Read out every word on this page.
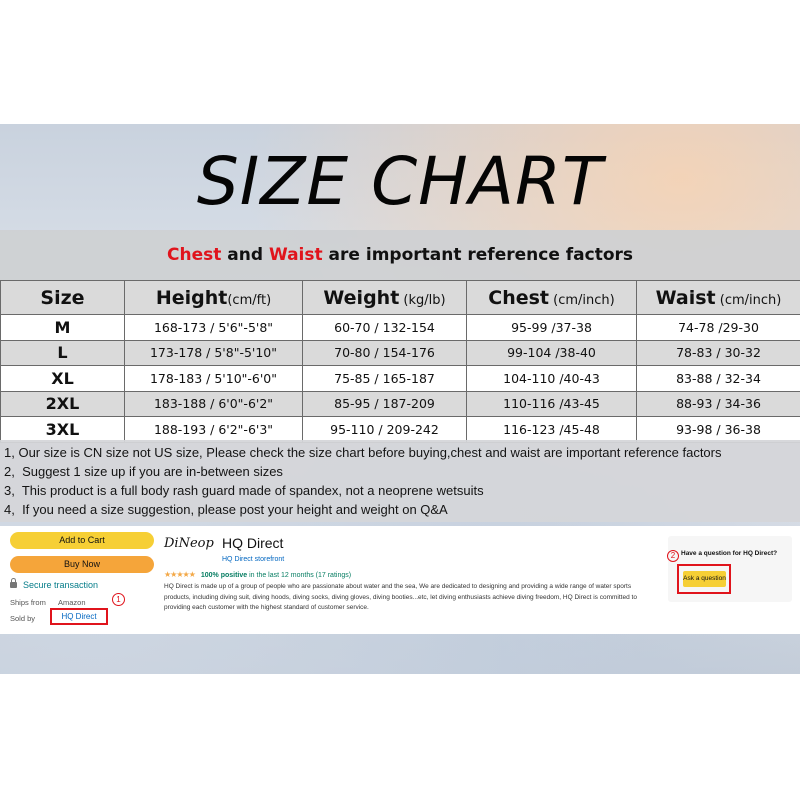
SIZE CHART
Chest and Waist are important reference factors
Size	Height(cm/ft)	Weight (kg/lb)	Chest (cm/inch)	Waist (cm/inch)
M	168-173 / 5'6"-5'8"	60-70 / 132-154	95-99 /37-38	74-78 /29-30
L	173-178 / 5'8"-5'10"	70-80 / 154-176	99-104 /38-40	78-83 / 30-32
XL	178-183 / 5'10"-6'0"	75-85 / 165-187	104-110 /40-43	83-88 / 32-34
2XL	183-188 / 6'0"-6'2"	85-95 / 187-209	110-116 /43-45	88-93 / 34-36
3XL	188-193 / 6'2"-6'3"	95-110 / 209-242	116-123 /45-48	93-98 / 36-38
1, Our size is CN size not US size, Please check the size chart before buying,chest and waist are important reference factors
2,  Suggest 1 size up if you are in-between sizes
3,  This product is a full body rash guard made of spandex, not a neoprene wetsuits
4,  If you need a size suggestion, please post your height and weight on Q&A
Add to Cart
Buy Now
Secure transaction
Ships from Amazon
Sold by	HQ Direct
1
DiNeop HQ Direct
HQ Direct storefront
★★★★★ 100% positive in the last 12 months (17 ratings)
HQ Direct is made up of a group of people who are passionate about water and the sea, We are dedicated to designing and providing a wide range of water sports products, including diving suit, diving hoods, diving socks, diving gloves, diving booties...etc, let diving enthusiasts achieve diving freedom, HQ Direct is committed to providing each customer with the highest standard of customer service.
2 Have a question for HQ Direct?
Ask a question
